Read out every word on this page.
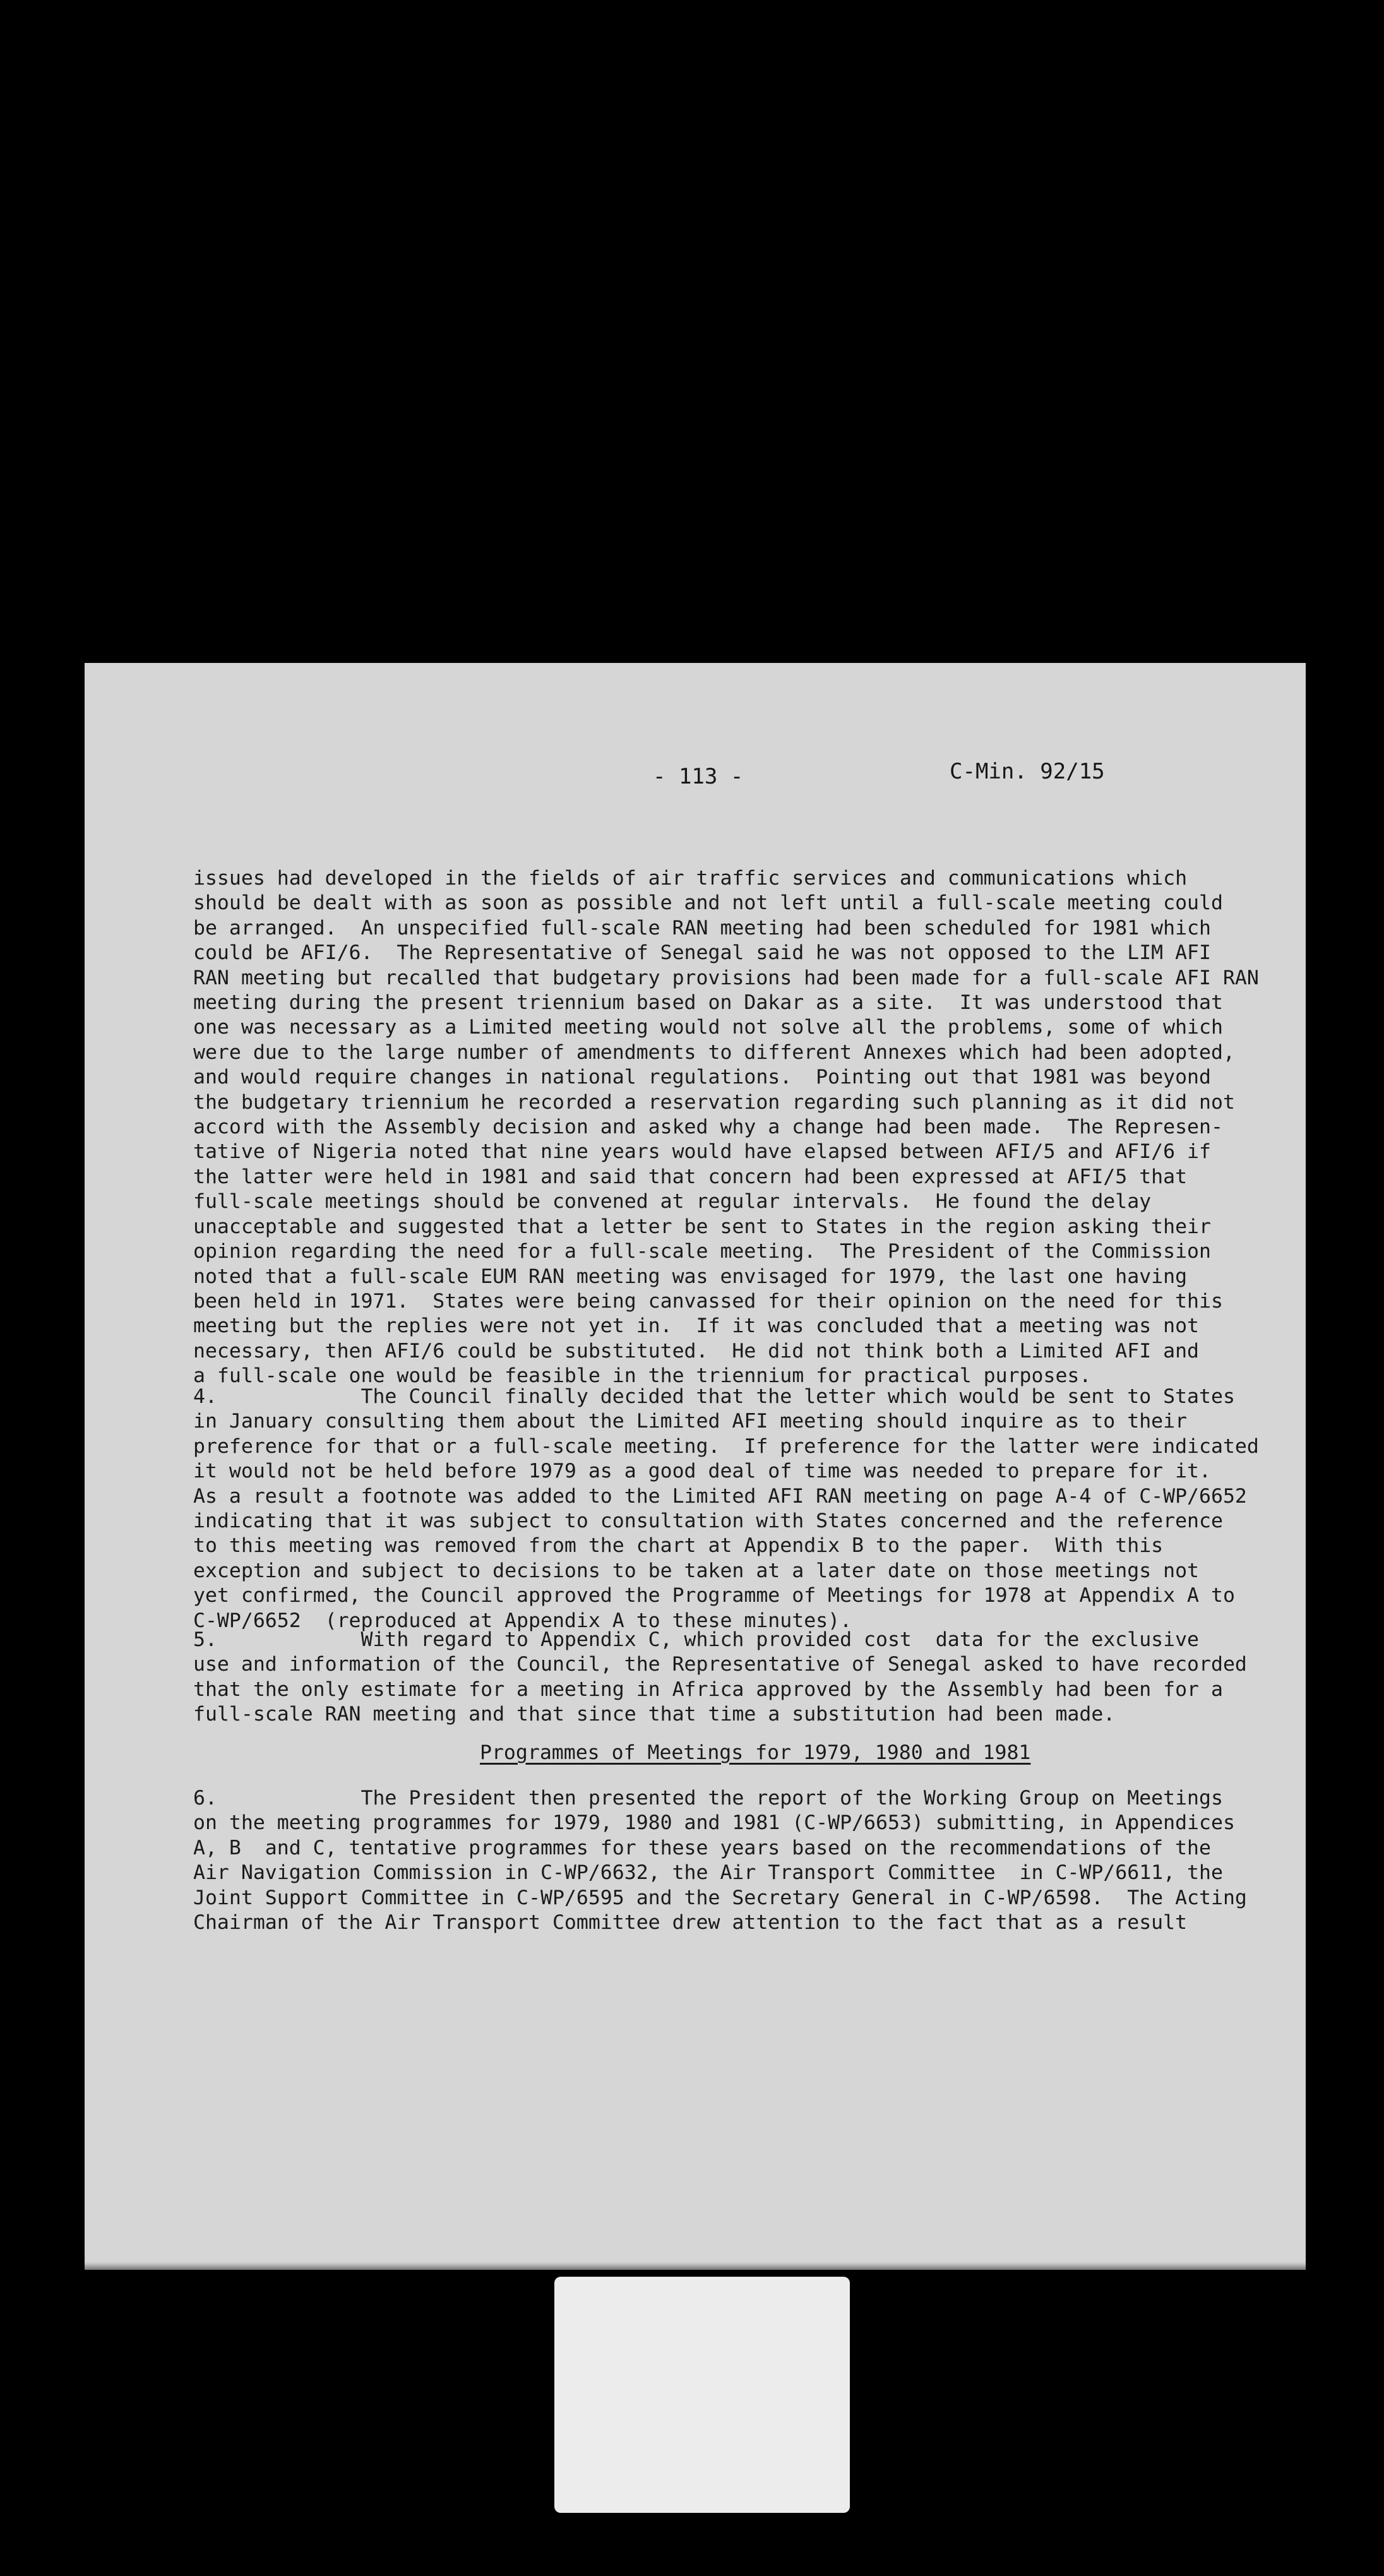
- 113 -	C-Min. 92/15
issues had developed in the fields of air traffic services and communications which
should be dealt with as soon as possible and not left until a full-scale meeting could
be arranged.  An unspecified full-scale RAN meeting had been scheduled for 1981 which
could be AFI/6.  The Representative of Senegal said he was not opposed to the LIM AFI
RAN meeting but recalled that budgetary provisions had been made for a full-scale AFI RAN
meeting during the present triennium based on Dakar as a site.  It was understood that
one was necessary as a Limited meeting would not solve all the problems, some of which
were due to the large number of amendments to different Annexes which had been adopted,
and would require changes in national regulations.  Pointing out that 1981 was beyond
the budgetary triennium he recorded a reservation regarding such planning as it did not
accord with the Assembly decision and asked why a change had been made.  The Represen-
tative of Nigeria noted that nine years would have elapsed between AFI/5 and AFI/6 if
the latter were held in 1981 and said that concern had been expressed at AFI/5 that
full-scale meetings should be convened at regular intervals.  He found the delay
unacceptable and suggested that a letter be sent to States in the region asking their
opinion regarding the need for a full-scale meeting.  The President of the Commission
noted that a full-scale EUM RAN meeting was envisaged for 1979, the last one having
been held in 1971.  States were being canvassed for their opinion on the need for this
meeting but the replies were not yet in.  If it was concluded that a meeting was not
necessary, then AFI/6 could be substituted.  He did not think both a Limited AFI and
a full-scale one would be feasible in the triennium for practical purposes.
4.            The Council finally decided that the letter which would be sent to States
in January consulting them about the Limited AFI meeting should inquire as to their
preference for that or a full-scale meeting.  If preference for the latter were indicated
it would not be held before 1979 as a good deal of time was needed to prepare for it.
As a result a footnote was added to the Limited AFI RAN meeting on page A-4 of C-WP/6652
indicating that it was subject to consultation with States concerned and the reference
to this meeting was removed from the chart at Appendix B to the paper.  With this
exception and subject to decisions to be taken at a later date on those meetings not
yet confirmed, the Council approved the Programme of Meetings for 1978 at Appendix A to
C-WP/6652  (reproduced at Appendix A to these minutes).
5.            With regard to Appendix C, which provided cost  data for the exclusive
use and information of the Council, the Representative of Senegal asked to have recorded
that the only estimate for a meeting in Africa approved by the Assembly had been for a
full-scale RAN meeting and that since that time a substitution had been made.
Programmes of Meetings for 1979, 1980 and 1981
6.            The President then presented the report of the Working Group on Meetings
on the meeting programmes for 1979, 1980 and 1981 (C-WP/6653) submitting, in Appendices
A, B  and C, tentative programmes for these years based on the recommendations of the
Air Navigation Commission in C-WP/6632, the Air Transport Committee  in C-WP/6611, the
Joint Support Committee in C-WP/6595 and the Secretary General in C-WP/6598.  The Acting
Chairman of the Air Transport Committee drew attention to the fact that as a result
